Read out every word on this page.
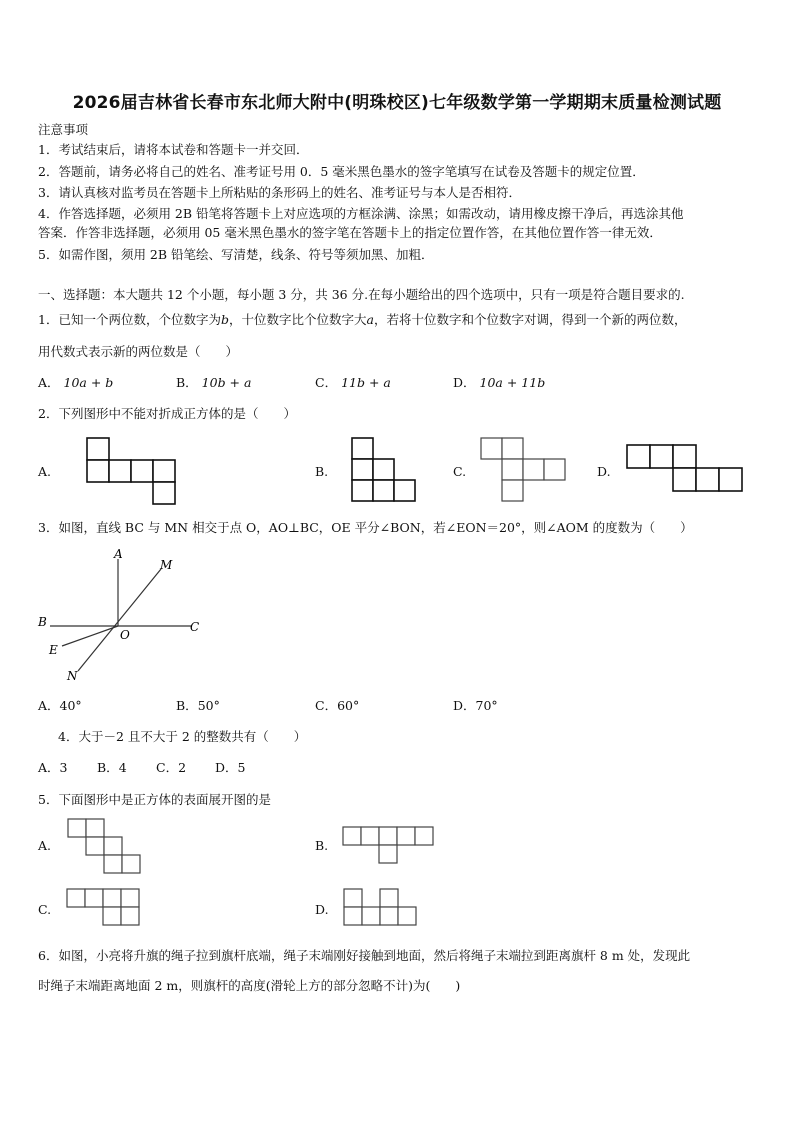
2026届吉林省长春市东北师大附中(明珠校区)七年级数学第一学期期末质量检测试题
注意事项
1．考试结束后，请将本试卷和答题卡一并交回．
2．答题前，请务必将自己的姓名、准考证号用 0．5 毫米黑色墨水的签字笔填写在试卷及答题卡的规定位置．
3．请认真核对监考员在答题卡上所粘贴的条形码上的姓名、准考证号与本人是否相符．
4．作答选择题，必须用 2B 铅笔将答题卡上对应选项的方框涂满、涂黑；如需改动，请用橡皮擦干净后，再选涂其他
答案．作答非选择题，必须用 05 毫米黑色墨水的签字笔在答题卡上的指定位置作答，在其他位置作答一律无效．
5．如需作图，须用 2B 铅笔绘、写清楚，线条、符号等须加黑、加粗．
一、选择题：本大题共 12 个小题，每小题 3 分，共 36 分.在每小题给出的四个选项中，只有一项是符合题目要求的.
1．已知一个两位数，个位数字为b，十位数字比个位数字大a，若将十位数字和个位数字对调，得到一个新的两位数，
用代数式表示新的两位数是（　　）
A． 10a + b	B． 10b + a	C． 11b + a	D． 10a + 11b
2．下列图形中不能对折成正方体的是（　　）
A.	B.	C.	D.
3．如图，直线 BC 与 MN 相交于点 O，AO⊥BC，OE 平分∠BON，若∠EON＝20°，则∠AOM 的度数为（　　）
A
M
B
O
C
E
N
A．40°	B．50°	C．60°	D．70°
4．大于－2 且不大于 2 的整数共有（　　）
A．3 B．4 C．2 D．5
5．下面图形中是正方体的表面展开图的是
A.	B.
C.	D.
6．如图，小亮将升旗的绳子拉到旗杆底端，绳子末端刚好接触到地面，然后将绳子末端拉到距离旗杆 8 m 处，发现此
时绳子末端距离地面 2 m，则旗杆的高度(滑轮上方的部分忽略不计)为(　　)
